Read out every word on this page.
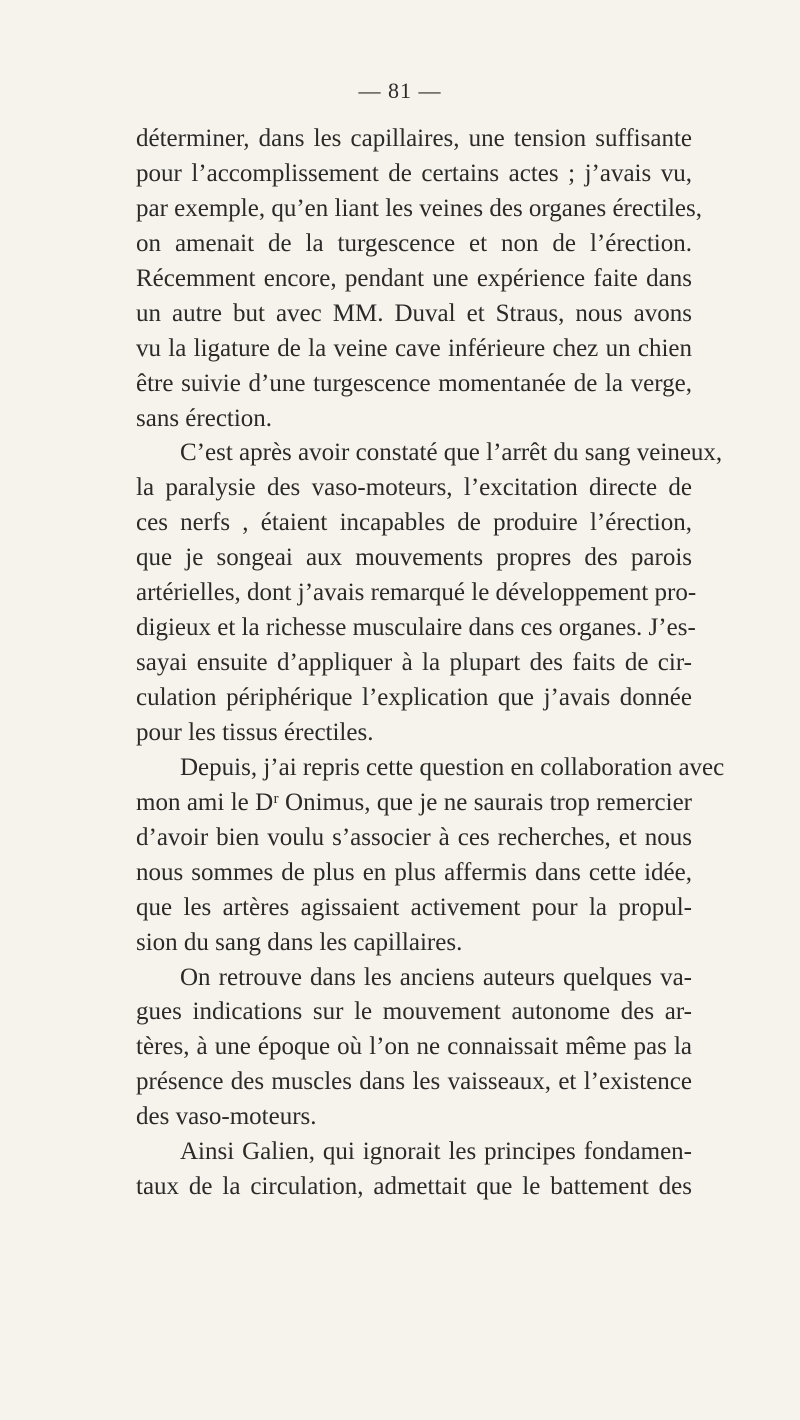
— 81 —
déterminer, dans les capillaires, une tension suffisante
pour l’accomplissement de certains actes ; j’avais vu,
par exemple, qu’en liant les veines des organes érectiles,
on amenait de la turgescence et non de l’érection.
Récemment encore, pendant une expérience faite dans
un autre but avec MM. Duval et Straus, nous avons
vu la ligature de la veine cave inférieure chez un chien
être suivie d’une turgescence momentanée de la verge,
sans érection.
C’est après avoir constaté que l’arrêt du sang veineux,
la paralysie des vaso-moteurs, l’excitation directe de
ces nerfs , étaient incapables de produire l’érection,
que je songeai aux mouvements propres des parois
artérielles, dont j’avais remarqué le développement pro-
digieux et la richesse musculaire dans ces organes. J’es-
sayai ensuite d’appliquer à la plupart des faits de cir-
culation périphérique l’explication que j’avais donnée
pour les tissus érectiles.
Depuis, j’ai repris cette question en collaboration avec
mon ami le Dʳ Onimus, que je ne saurais trop remercier
d’avoir bien voulu s’associer à ces recherches, et nous
nous sommes de plus en plus affermis dans cette idée,
que les artères agissaient activement pour la propul-
sion du sang dans les capillaires.
On retrouve dans les anciens auteurs quelques va-
gues indications sur le mouvement autonome des ar-
tères, à une époque où l’on ne connaissait même pas la
présence des muscles dans les vaisseaux, et l’existence
des vaso-moteurs.
Ainsi Galien, qui ignorait les principes fondamen-
taux de la circulation, admettait que le battement des
